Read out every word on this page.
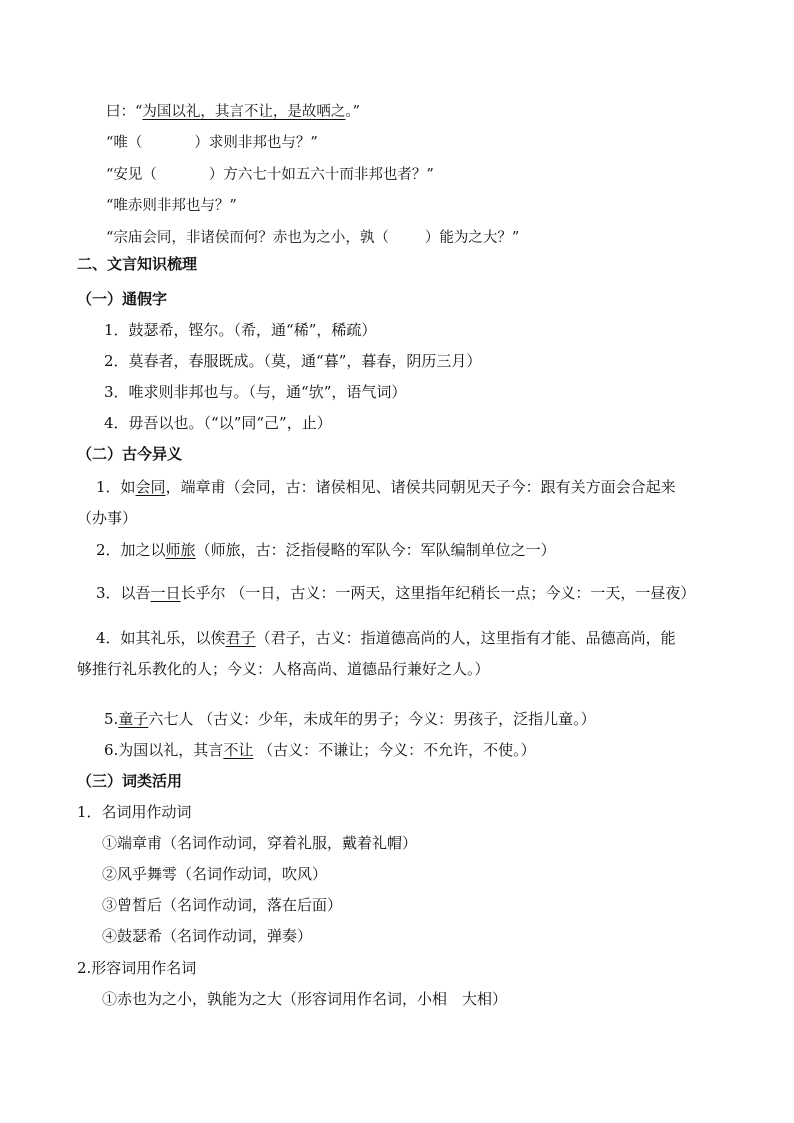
曰：“为国以礼，其言不让，是故哂之。”
“唯（	）求则非邦也与？”
“安见（	）方六七十如五六十而非邦也者？”
“唯赤则非邦也与？”
“宗庙会同，非诸侯而何？赤也为之小，孰（ ）能为之大？”
二、文言知识梳理
（一）通假字
1．鼓瑟希，铿尔。（希，通“稀”，稀疏）
2．莫春者，春服既成。（莫，通“暮”，暮春，阴历三月）
3．唯求则非邦也与。（与，通“欤”，语气词）
4．毋吾以也。（“以”同“己”，止）
（二）古今异义
1．如会同，端章甫（会同，古：诸侯相见、诸侯共同朝见天子今：跟有关方面会合起来
（办事）
2．加之以师旅（师旅，古：泛指侵略的军队今：军队编制单位之一）
3．以吾一日长乎尔 （一日，古义：一两天，这里指年纪稍长一点；今义：一天，一昼夜）
4．如其礼乐，以俟君子（君子，古义：指道德高尚的人，这里指有才能、品德高尚，能
够推行礼乐教化的人；今义：人格高尚、道德品行兼好之人。）
5.童子六七人 （古义：少年，未成年的男子；今义：男孩子，泛指儿童。）
6.为国以礼，其言不让 （古义：不谦让；今义：不允许，不使。）
（三）词类活用
1．名词用作动词
①端章甫（名词作动词，穿着礼服，戴着礼帽）
②风乎舞雩（名词作动词，吹风）
③曾皙后（名词作动词，落在后面）
④鼓瑟希（名词作动词，弹奏）
2.形容词用作名词
①赤也为之小，孰能为之大（形容词用作名词，小相　大相）
